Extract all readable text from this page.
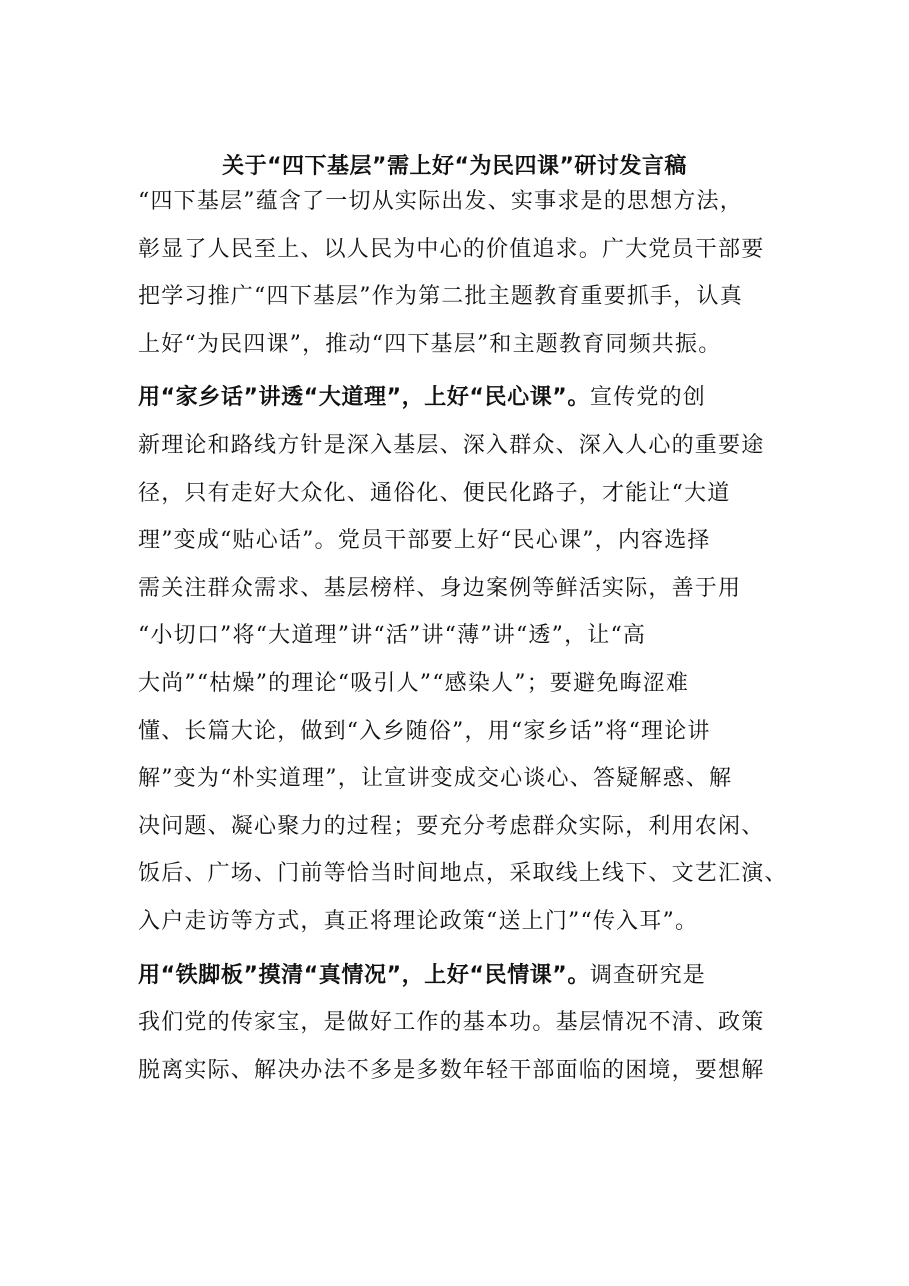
关于“四下基层”需上好“为民四课”研讨发言稿
“四下基层”蕴含了一切从实际出发、实事求是的思想方法，
彰显了人民至上、以人民为中心的价值追求。广大党员干部要
把学习推广“四下基层”作为第二批主题教育重要抓手，认真
上好“为民四课”，推动“四下基层”和主题教育同频共振。
用“家乡话”讲透“大道理”，上好“民心课”。宣传党的创
新理论和路线方针是深入基层、深入群众、深入人心的重要途
径，只有走好大众化、通俗化、便民化路子，才能让“大道
理”变成“贴心话”。党员干部要上好“民心课”，内容选择
需关注群众需求、基层榜样、身边案例等鲜活实际，善于用
“小切口”将“大道理”讲“活”讲“薄”讲“透”，让“高
大尚”“枯燥”的理论“吸引人”“感染人”；要避免晦涩难
懂、长篇大论，做到“入乡随俗”，用“家乡话”将“理论讲
解”变为“朴实道理”，让宣讲变成交心谈心、答疑解惑、解
决问题、凝心聚力的过程；要充分考虑群众实际，利用农闲、
饭后、广场、门前等恰当时间地点，采取线上线下、文艺汇演、
入户走访等方式，真正将理论政策“送上门”“传入耳”。
用“铁脚板”摸清“真情况”，上好“民情课”。调查研究是
我们党的传家宝，是做好工作的基本功。基层情况不清、政策
脱离实际、解决办法不多是多数年轻干部面临的困境，要想解
